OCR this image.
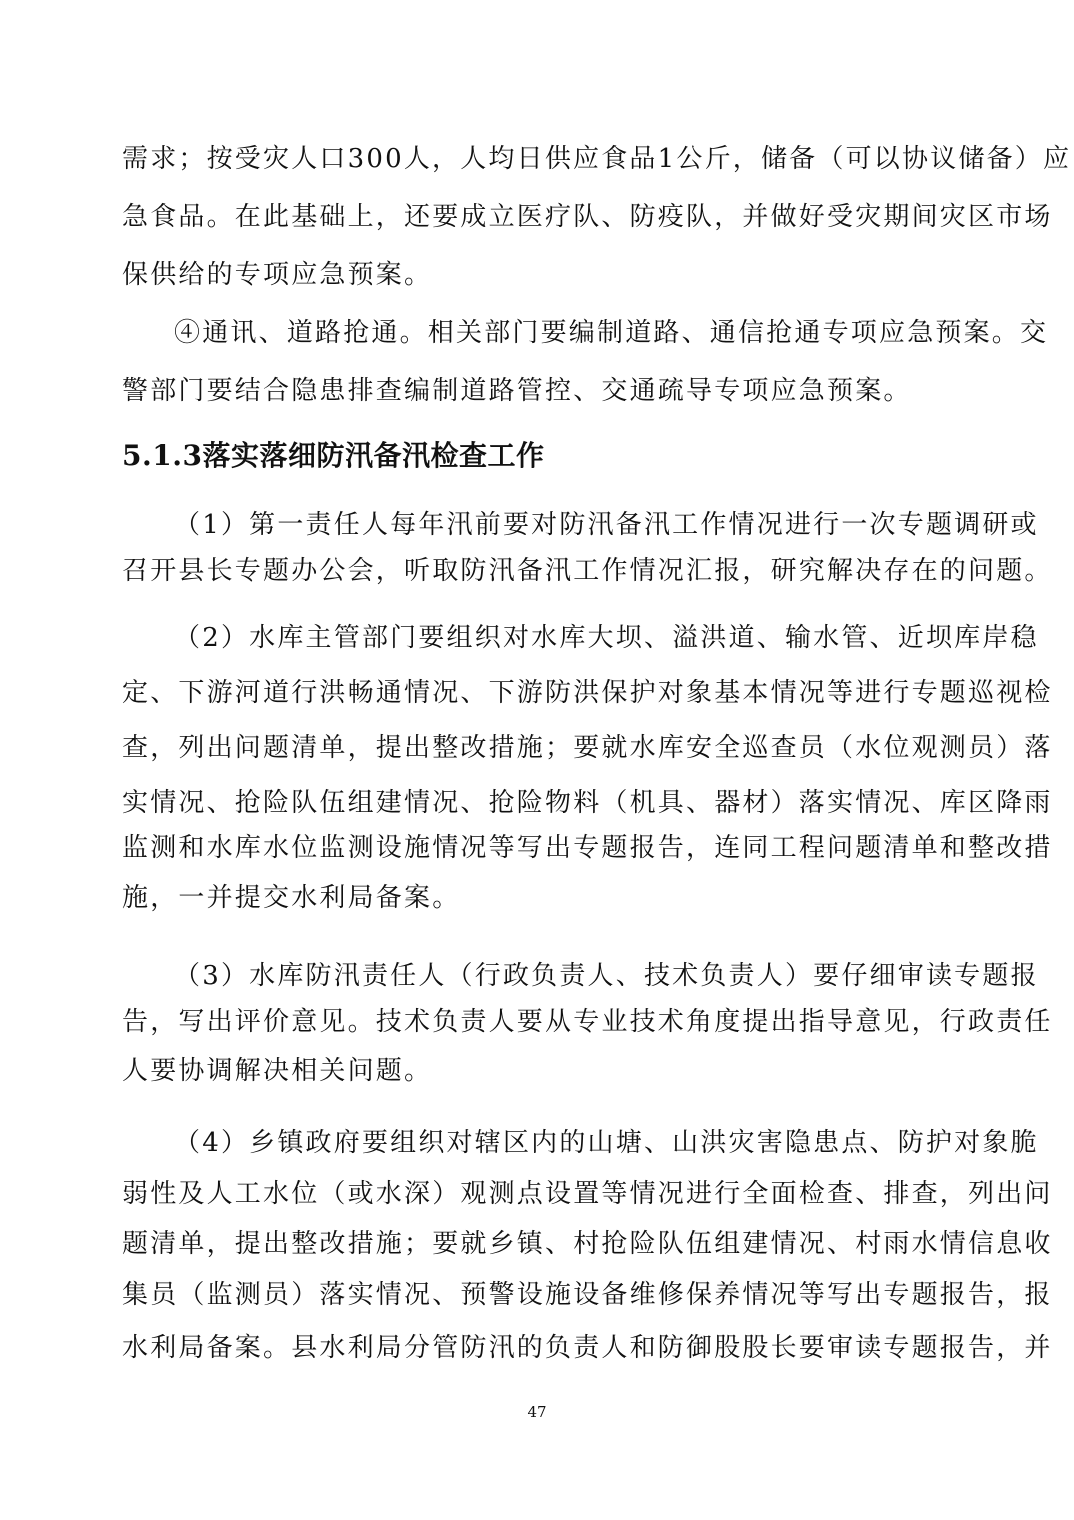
需求；按受灾人口300人，人均日供应食品1公斤，储备（可以协议储备）应
急食品。在此基础上，还要成立医疗队、防疫队，并做好受灾期间灾区市场
保供给的专项应急预案。
④通讯、道路抢通。相关部门要编制道路、通信抢通专项应急预案。交
警部门要结合隐患排查编制道路管控、交通疏导专项应急预案。
5.1.3落实落细防汛备汛检查工作
（1）第一责任人每年汛前要对防汛备汛工作情况进行一次专题调研或
召开县长专题办公会，听取防汛备汛工作情况汇报，研究解决存在的问题。
（2）水库主管部门要组织对水库大坝、溢洪道、输水管、近坝库岸稳
定、下游河道行洪畅通情况、下游防洪保护对象基本情况等进行专题巡视检
查，列出问题清单，提出整改措施；要就水库安全巡查员（水位观测员）落
实情况、抢险队伍组建情况、抢险物料（机具、器材）落实情况、库区降雨
监测和水库水位监测设施情况等写出专题报告，连同工程问题清单和整改措
施，一并提交水利局备案。
（3）水库防汛责任人（行政负责人、技术负责人）要仔细审读专题报
告，写出评价意见。技术负责人要从专业技术角度提出指导意见，行政责任
人要协调解决相关问题。
（4）乡镇政府要组织对辖区内的山塘、山洪灾害隐患点、防护对象脆
弱性及人工水位（或水深）观测点设置等情况进行全面检查、排查，列出问
题清单，提出整改措施；要就乡镇、村抢险队伍组建情况、村雨水情信息收
集员（监测员）落实情况、预警设施设备维修保养情况等写出专题报告，报
水利局备案。县水利局分管防汛的负责人和防御股股长要审读专题报告，并
47
